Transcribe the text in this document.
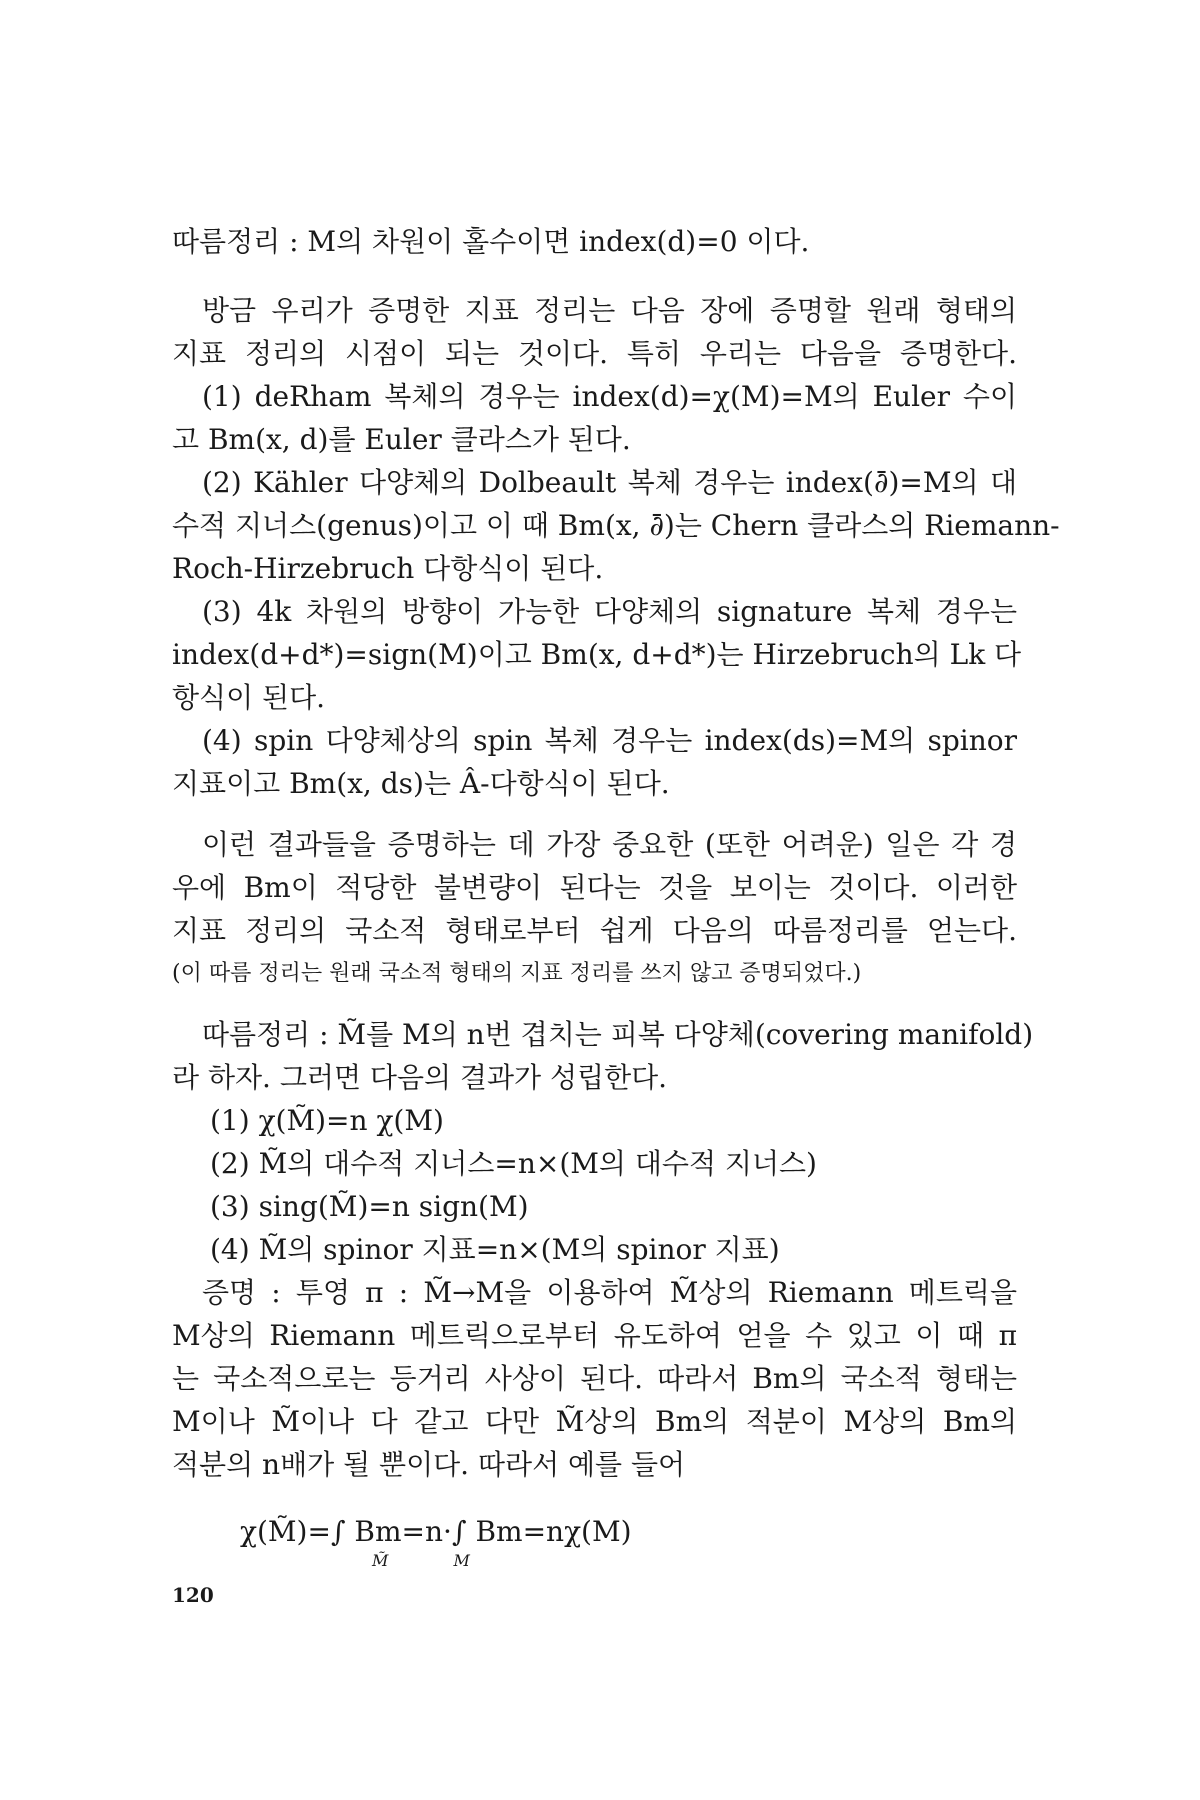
따름정리 : M의 차원이 홀수이면 index(d)=0 이다.
방금 우리가 증명한 지표 정리는 다음 장에 증명할 원래 형태의
지표 정리의 시점이 되는 것이다. 특히 우리는 다음을 증명한다.
(1) deRham 복체의 경우는 index(d)=χ(M)=M의 Euler 수이
고 Bm(x, d)를 Euler 클라스가 된다.
(2) Kähler 다양체의 Dolbeault 복체 경우는 index(∂̄)=M의 대
수적 지너스(genus)이고 이 때 Bm(x, ∂̄)는 Chern 클라스의 Riemann-
Roch-Hirzebruch 다항식이 된다.
(3) 4k 차원의 방향이 가능한 다양체의 signature 복체 경우는
index(d+d*)=sign(M)이고 Bm(x, d+d*)는 Hirzebruch의 Lk 다
항식이 된다.
(4) spin 다양체상의 spin 복체 경우는 index(ds)=M의 spinor
지표이고 Bm(x, ds)는 Â-다항식이 된다.
이런 결과들을 증명하는 데 가장 중요한 (또한 어려운) 일은 각 경
우에 Bm이 적당한 불변량이 된다는 것을 보이는 것이다. 이러한
지표 정리의 국소적 형태로부터 쉽게 다음의 따름정리를 얻는다.
(이 따름 정리는 원래 국소적 형태의 지표 정리를 쓰지 않고 증명되었다.)
따름정리 : M̃를 M의 n번 겹치는 피복 다양체(covering manifold)
라 하자. 그러면 다음의 결과가 성립한다.
(1) χ(M̃)=n χ(M)
(2) M̃의 대수적 지너스=n×(M의 대수적 지너스)
(3) sing(M̃)=n sign(M)
(4) M̃의 spinor 지표=n×(M의 spinor 지표)
증명 : 투영 π : M̃→M을 이용하여 M̃상의 Riemann 메트릭을
M상의 Riemann 메트릭으로부터 유도하여 얻을 수 있고 이 때 π
는 국소적으로는 등거리 사상이 된다. 따라서 Bm의 국소적 형태는
M이나 M̃이나 다 같고 다만 M̃상의 Bm의 적분이 M상의 Bm의
적분의 n배가 될 뿐이다. 따라서 예를 들어
χ(M̃)=∫ Bm=n·∫ Bm=nχ(M)
M̃ M
120
